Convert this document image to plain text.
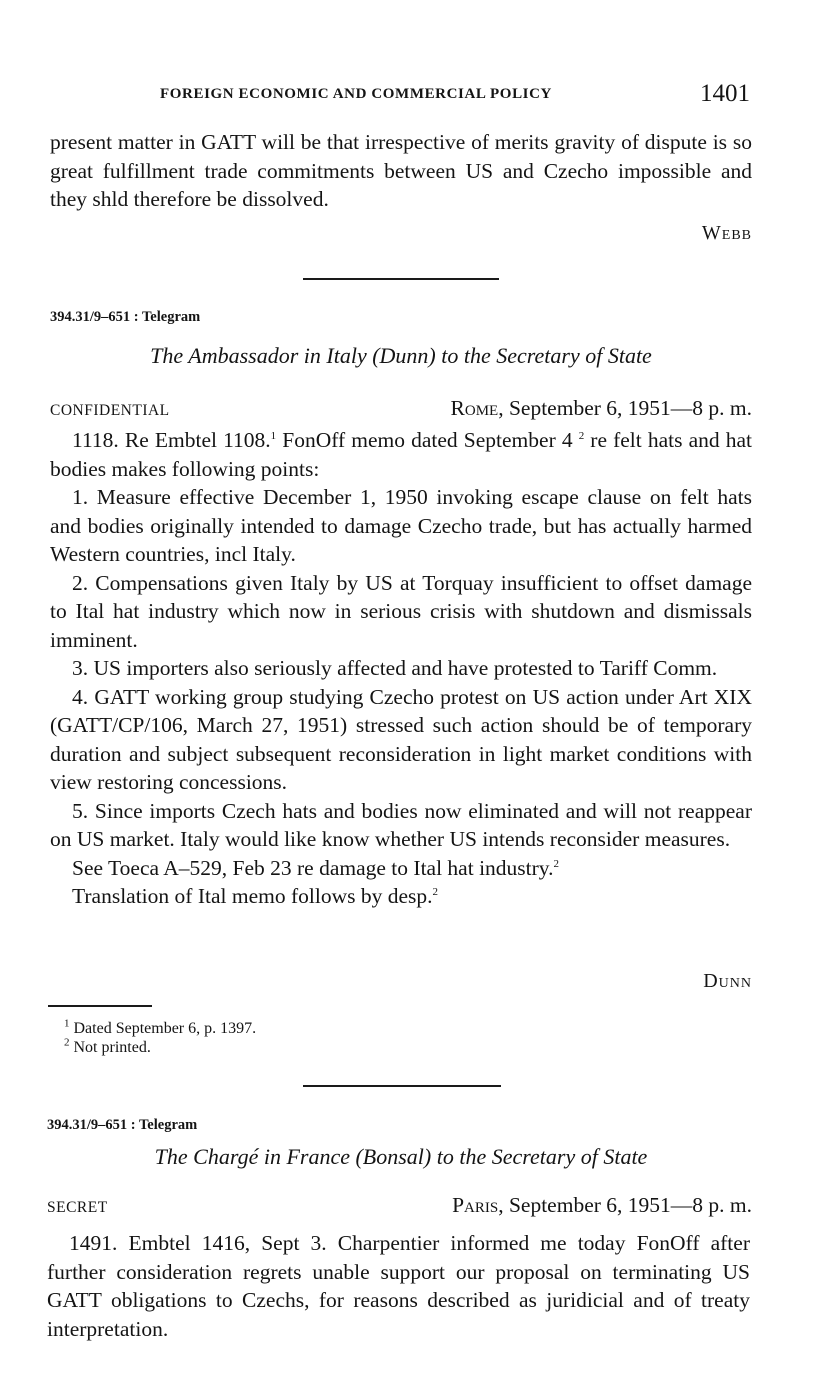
FOREIGN ECONOMIC AND COMMERCIAL POLICY	1401

present matter in GATT will be that irrespective of merits gravity of dispute is so great fulfillment trade commitments between US and Czecho impossible and they shld therefore be dissolved.

Webb
394.31/9–651 : Telegram
The Ambassador in Italy (Dunn) to the Secretary of State
CONFIDENTIAL	Rome, September 6, 1951—8 p. m.

1118. Re Embtel 1108.$^1$ FonOff memo dated September 4 $^2$ re felt hats and hat bodies makes following points:

1. Measure effective December 1, 1950 invoking escape clause on felt hats and bodies originally intended to damage Czecho trade, but has actually harmed Western countries, incl Italy.

2. Compensations given Italy by US at Torquay insufficient to offset damage to Ital hat industry which now in serious crisis with shutdown and dismissals imminent.

3. US importers also seriously affected and have protested to Tariff Comm.

4. GATT working group studying Czecho protest on US action under Art XIX (GATT/CP/106, March 27, 1951) stressed such action should be of temporary duration and subject subsequent reconsideration in light market conditions with view restoring concessions.

5. Since imports Czech hats and bodies now eliminated and will not reappear on US market. Italy would like know whether US intends reconsider measures.

See Toeca A–529, Feb 23 re damage to Ital hat industry.$^2$

Translation of Ital memo follows by desp.$^2$

Dunn
$^1$ Dated September 6, p. 1397.
$^2$ Not printed.
394.31/9–651 : Telegram
The Chargé in France (Bonsal) to the Secretary of State
SECRET	Paris, September 6, 1951—8 p. m.

1491. Embtel 1416, Sept 3. Charpentier informed me today FonOff after further consideration regrets unable support our proposal on terminating US GATT obligations to Czechs, for reasons described as juridicial and of treaty interpretation.
